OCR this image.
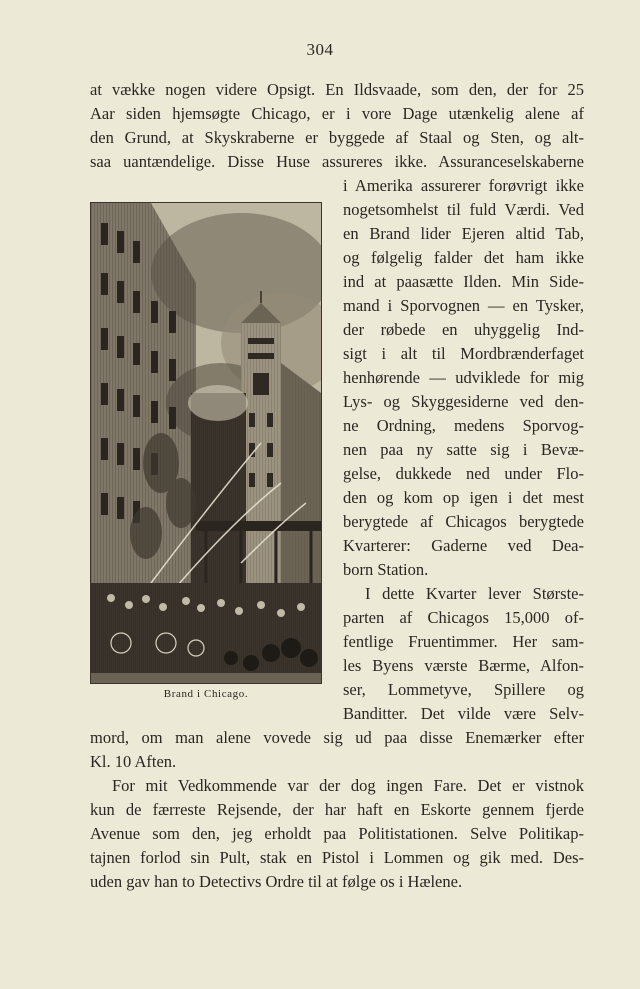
304
at vække nogen videre Opsigt. En Ildsvaade, som den, der for 25
Aar siden hjemsøgte Chicago, er i vore Dage utænkelig alene af
den Grund, at Skyskraberne er byggede af Staal og Sten, og alt-
saa uantændelige. Disse Huse assureres ikke. Assuranceselskaberne
i Amerika assurerer forøvrigt ikke
nogetsomhelst til fuld Værdi. Ved
en Brand lider Ejeren altid Tab,
og følgelig falder det ham ikke
ind at paasætte Ilden. Min Side-
mand i Sporvognen — en Tysker,
der røbede en uhyggelig Ind-
sigt i alt til Mordbrænderfaget
henhørende — udviklede for mig
Lys- og Skyggesiderne ved den-
ne Ordning, medens Sporvog-
nen paa ny satte sig i Bevæ-
gelse, dukkede ned under Flo-
den og kom op igen i det mest
berygtede af Chicagos berygtede
Kvarterer: Gaderne ved Dea-
born Station.
I dette Kvarter lever Største-
parten af Chicagos 15,000 of-
fentlige Fruentimmer. Her sam-
les Byens værste Bærme, Alfon-
ser, Lommetyve, Spillere og
Banditter. Det vilde være Selv-
mord, om man alene vovede sig ud paa disse Enemærker efter
Kl. 10 Aften.
For mit Vedkommende var der dog ingen Fare. Det er vistnok
kun de færreste Rejsende, der har haft en Eskorte gennem fjerde
Avenue som den, jeg erholdt paa Politistationen. Selve Politikap-
tajnen forlod sin Pult, stak en Pistol i Lommen og gik med. Des-
uden gav han to Detectivs Ordre til at følge os i Hælene.
Brand i Chicago.
